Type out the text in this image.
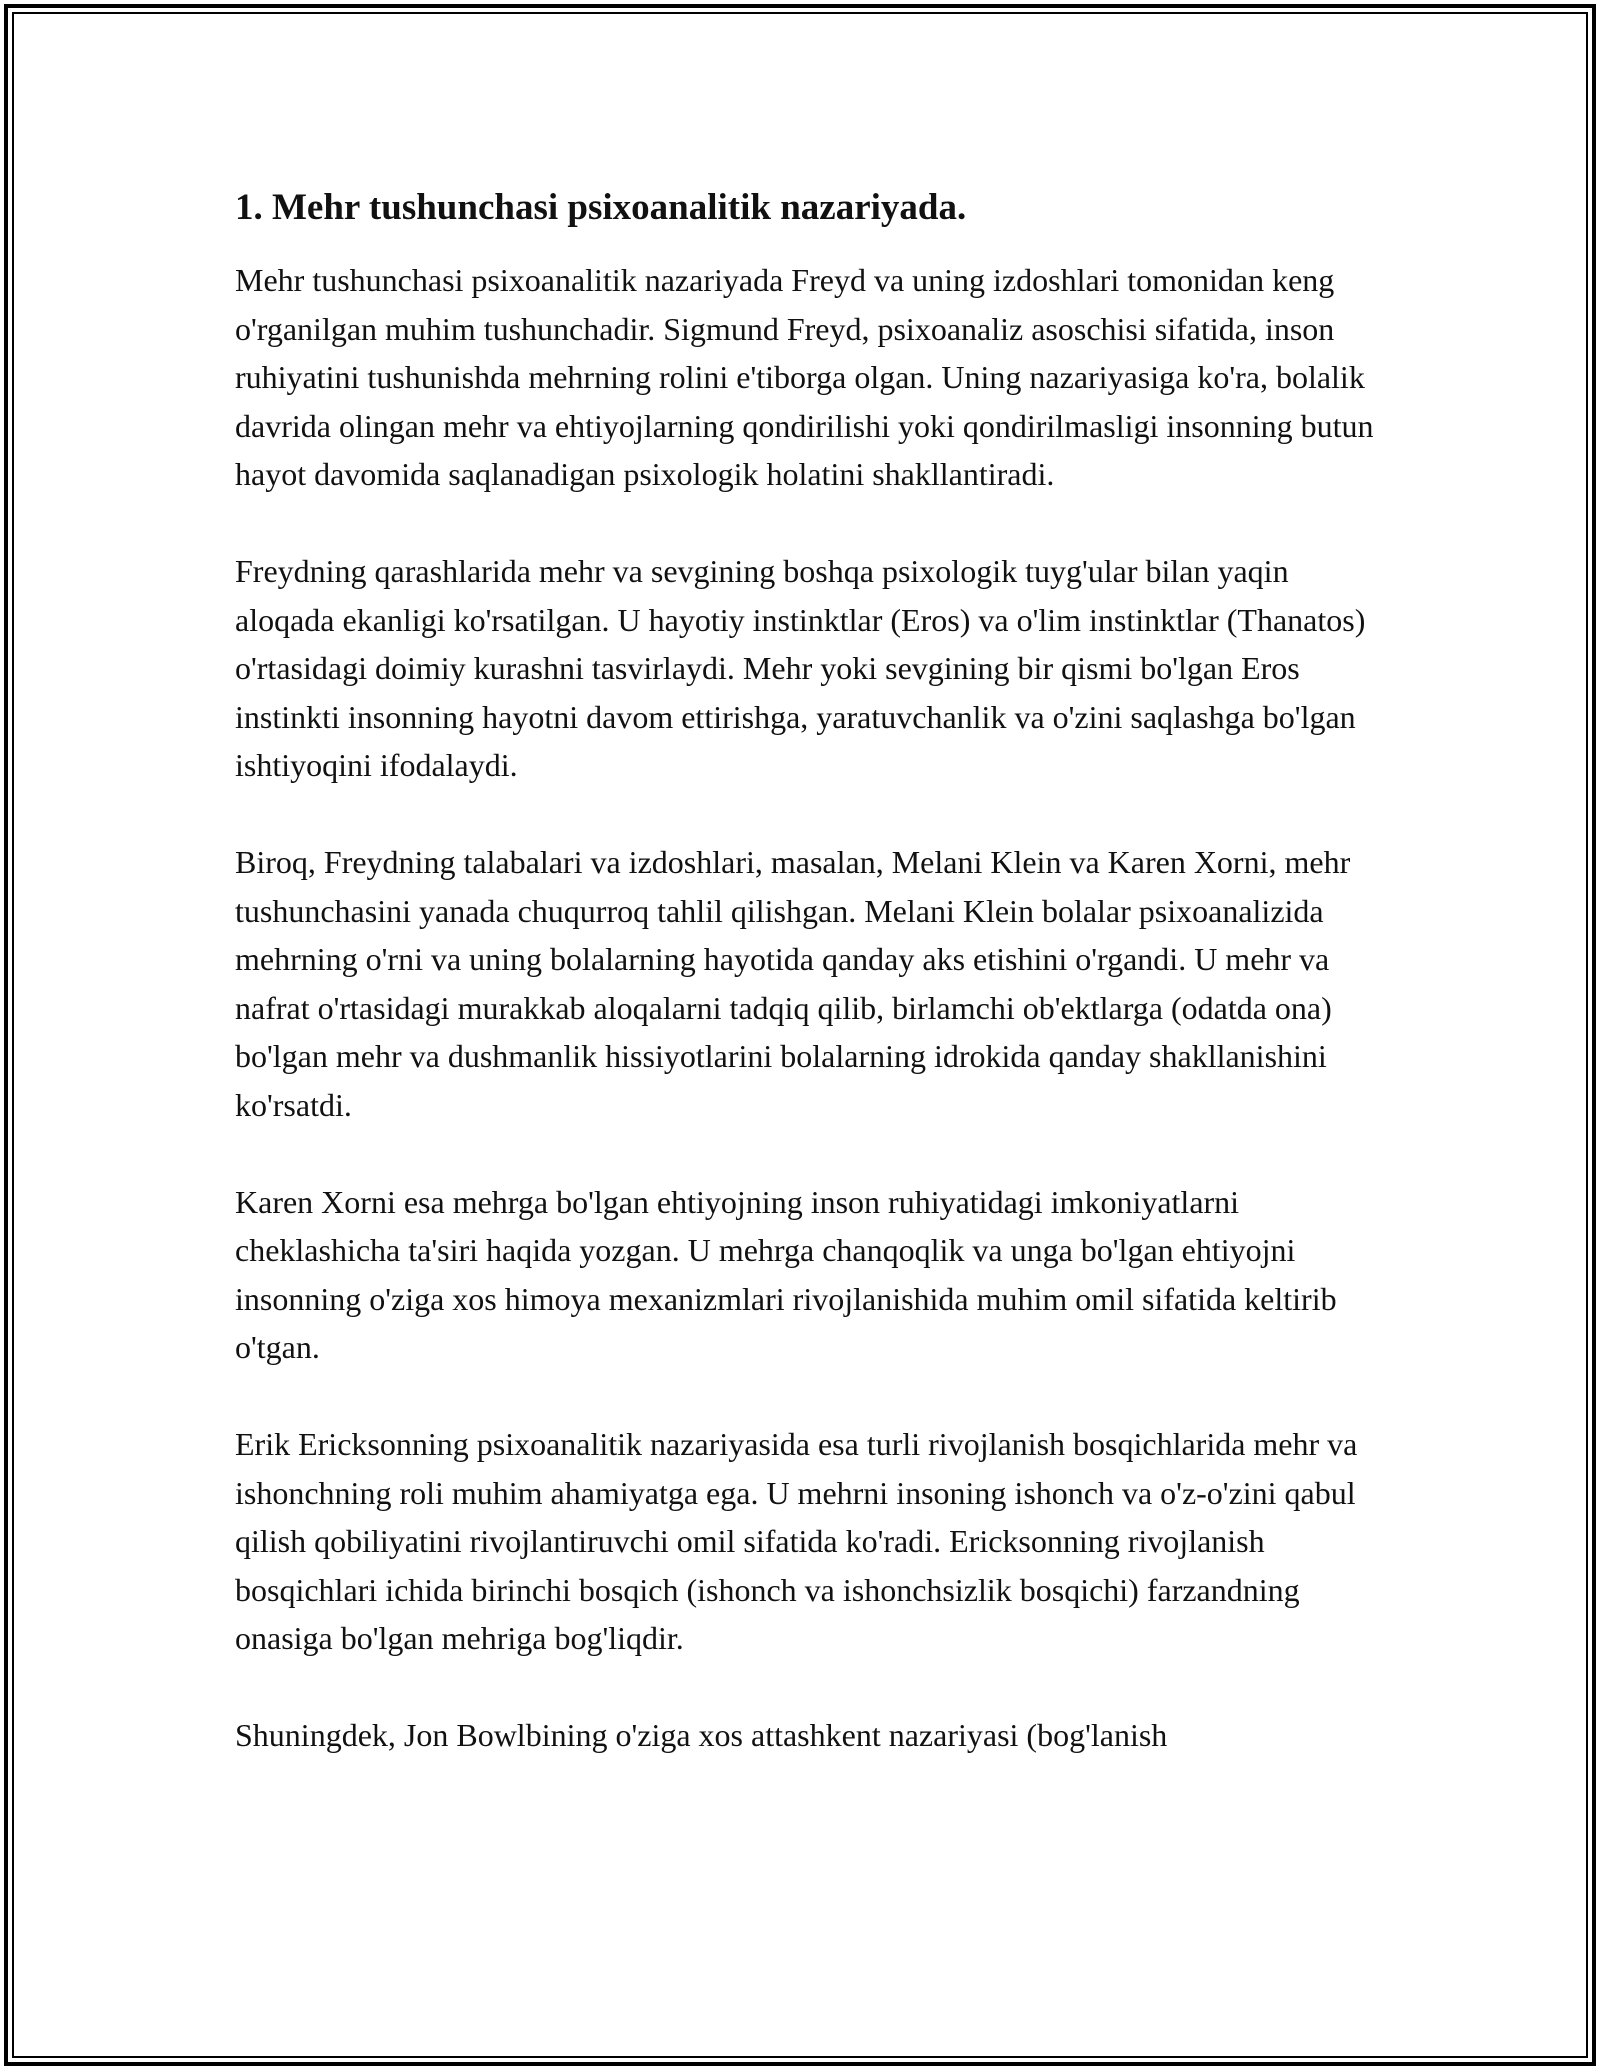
1. Mehr tushunchasi psixoanalitik nazariyada.

Mehr tushunchasi psixoanalitik nazariyada Freyd va uning izdoshlari tomonidan keng o'rganilgan muhim tushunchadir. Sigmund Freyd, psixoanaliz asoschisi sifatida, inson ruhiyatini tushunishda mehrning rolini e'tiborga olgan. Uning nazariyasiga ko'ra, bolalik davrida olingan mehr va ehtiyojlarning qondirilishi yoki qondirilmasligi insonning butun hayot davomida saqlanadigan psixologik holatini shakllantiradi.

Freydning qarashlarida mehr va sevgining boshqa psixologik tuyg'ular bilan yaqin aloqada ekanligi ko'rsatilgan. U hayotiy instinktlar (Eros) va o'lim instinktlar (Thanatos) o'rtasidagi doimiy kurashni tasvirlaydi. Mehr yoki sevgining bir qismi bo'lgan Eros instinkti insonning hayotni davom ettirishga, yaratuvchanlik va o'zini saqlashga bo'lgan ishtiyoqini ifodalaydi.

Biroq, Freydning talabalari va izdoshlari, masalan, Melani Klein va Karen Xorni, mehr tushunchasini yanada chuqurroq tahlil qilishgan. Melani Klein bolalar psixoanalizida mehrning o'rni va uning bolalarning hayotida qanday aks etishini o'rgandi. U mehr va nafrat o'rtasidagi murakkab aloqalarni tadqiq qilib, birlamchi ob'ektlarga (odatda ona) bo'lgan mehr va dushmanlik hissiyotlarini bolalarning idrokida qanday shakllanishini ko'rsatdi.

Karen Xorni esa mehrga bo'lgan ehtiyojning inson ruhiyatidagi imkoniyatlarni cheklashicha ta'siri haqida yozgan. U mehrga chanqoqlik va unga bo'lgan ehtiyojni insonning o'ziga xos himoya mexanizmlari rivojlanishida muhim omil sifatida keltirib o'tgan.

Erik Ericksonning psixoanalitik nazariyasida esa turli rivojlanish bosqichlarida mehr va ishonchning roli muhim ahamiyatga ega. U mehrni insoning ishonch va o'z-o'zini qabul qilish qobiliyatini rivojlantiruvchi omil sifatida ko'radi. Ericksonning rivojlanish bosqichlari ichida birinchi bosqich (ishonch va ishonchsizlik bosqichi) farzandning onasiga bo'lgan mehriga bog'liqdir.

Shuningdek, Jon Bowlbining o'ziga xos attashkent nazariyasi (bog'lanish
